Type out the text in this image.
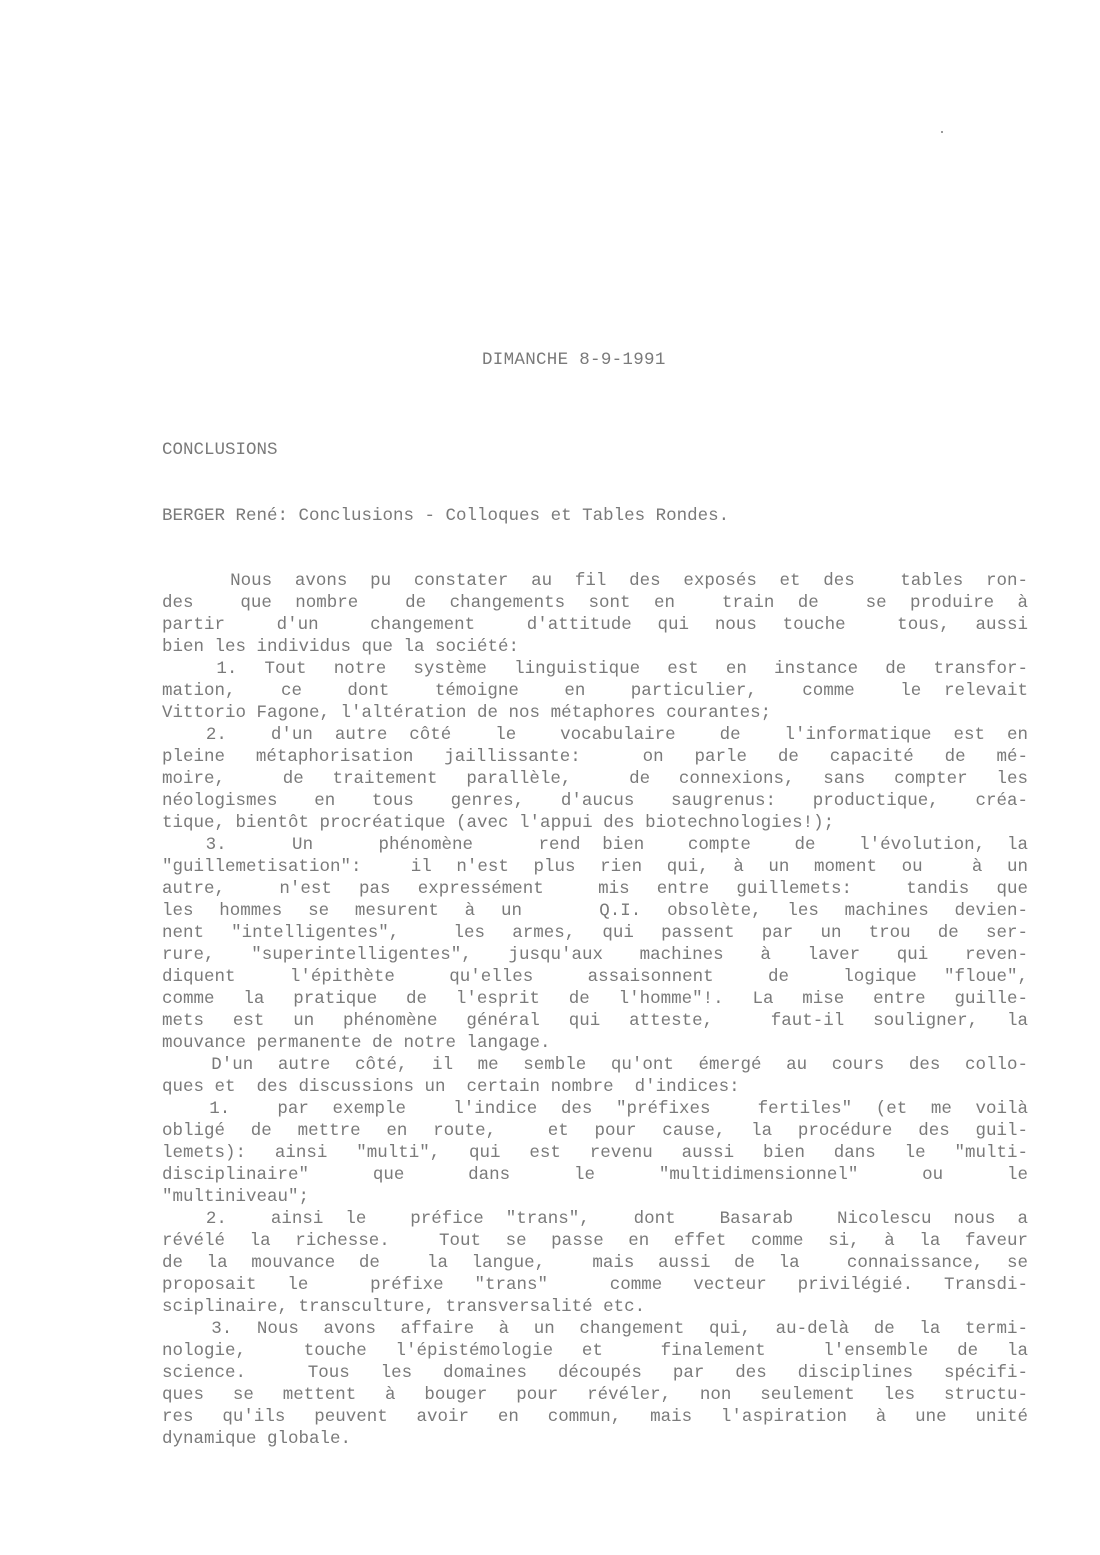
DIMANCHE 8-9-1991
CONCLUSIONS
BERGER René: Conclusions - Colloques et Tables Rondes.
Nous avons pu constater au fil des exposés et des  tables ron-
des  que nombre  de changements sont en  train de  se produire à
partir  d'un  changement  d'attitude qui nous touche  tous, aussi
bien les individus que la société:
1. Tout notre système linguistique est en instance de transfor-
mation,  ce  dont  témoigne  en  particulier,  comme  le relevait
Vittorio Fagone, l'altération de nos métaphores courantes;
2.  d'un autre côté  le  vocabulaire  de  l'informatique est en
pleine métaphorisation jaillissante:  on parle de capacité de mé-
moire,  de traitement parallèle,  de connexions, sans compter les
néologismes en tous genres, d'aucus saugrenus: productique, créa-
tique, bientôt procréatique (avec l'appui des biotechnologies!);
3.   Un   phénomène   rend bien  compte  de  l'évolution, la
"guillemetisation":  il n'est plus rien qui, à un moment ou  à un
autre,  n'est pas expressément  mis entre guillemets:  tandis que
les hommes se mesurent à un   Q.I. obsolète, les machines devien-
nent "intelligentes",  les armes, qui passent par un trou de ser-
rure, "superintelligentes", jusqu'aux machines à laver qui reven-
diquent  l'épithète  qu'elles  assaisonnent  de  logique "floue",
comme la pratique de l'esprit de l'homme"!. La mise entre guille-
mets est un phénomène général qui atteste,  faut-il souligner, la
mouvance permanente de notre langage.
D'un autre côté, il me semble qu'ont émergé au cours des collo-
ques et  des discussions un  certain nombre  d'indices:
1.  par exemple  l'indice des "préfixes  fertiles" (et me voilà
obligé de mettre en route,  et pour cause, la procédure des guil-
lemets): ainsi "multi", qui est revenu aussi bien dans le "multi-
disciplinaire"     que     dans     le     "multidimensionnel"     ou     le
"multiniveau";
2.  ainsi le  préfice "trans",  dont  Basarab  Nicolescu nous a
révélé la richesse.  Tout se passe en effet comme si, à la faveur
de la mouvance de  la langue,  mais aussi de la  connaissance, se
proposait le  préfixe "trans"  comme vecteur privilégié. Transdi-
sciplinaire, transculture, transversalité etc.
3. Nous avons affaire à un changement qui, au-delà de la termi-
nologie,  touche l'épistémologie et  finalement  l'ensemble de la
science.  Tous les domaines découpés par des disciplines spécifi-
ques se mettent à bouger pour révéler, non seulement les structu-
res qu'ils peuvent avoir en commun, mais l'aspiration à une unité
dynamique globale.
